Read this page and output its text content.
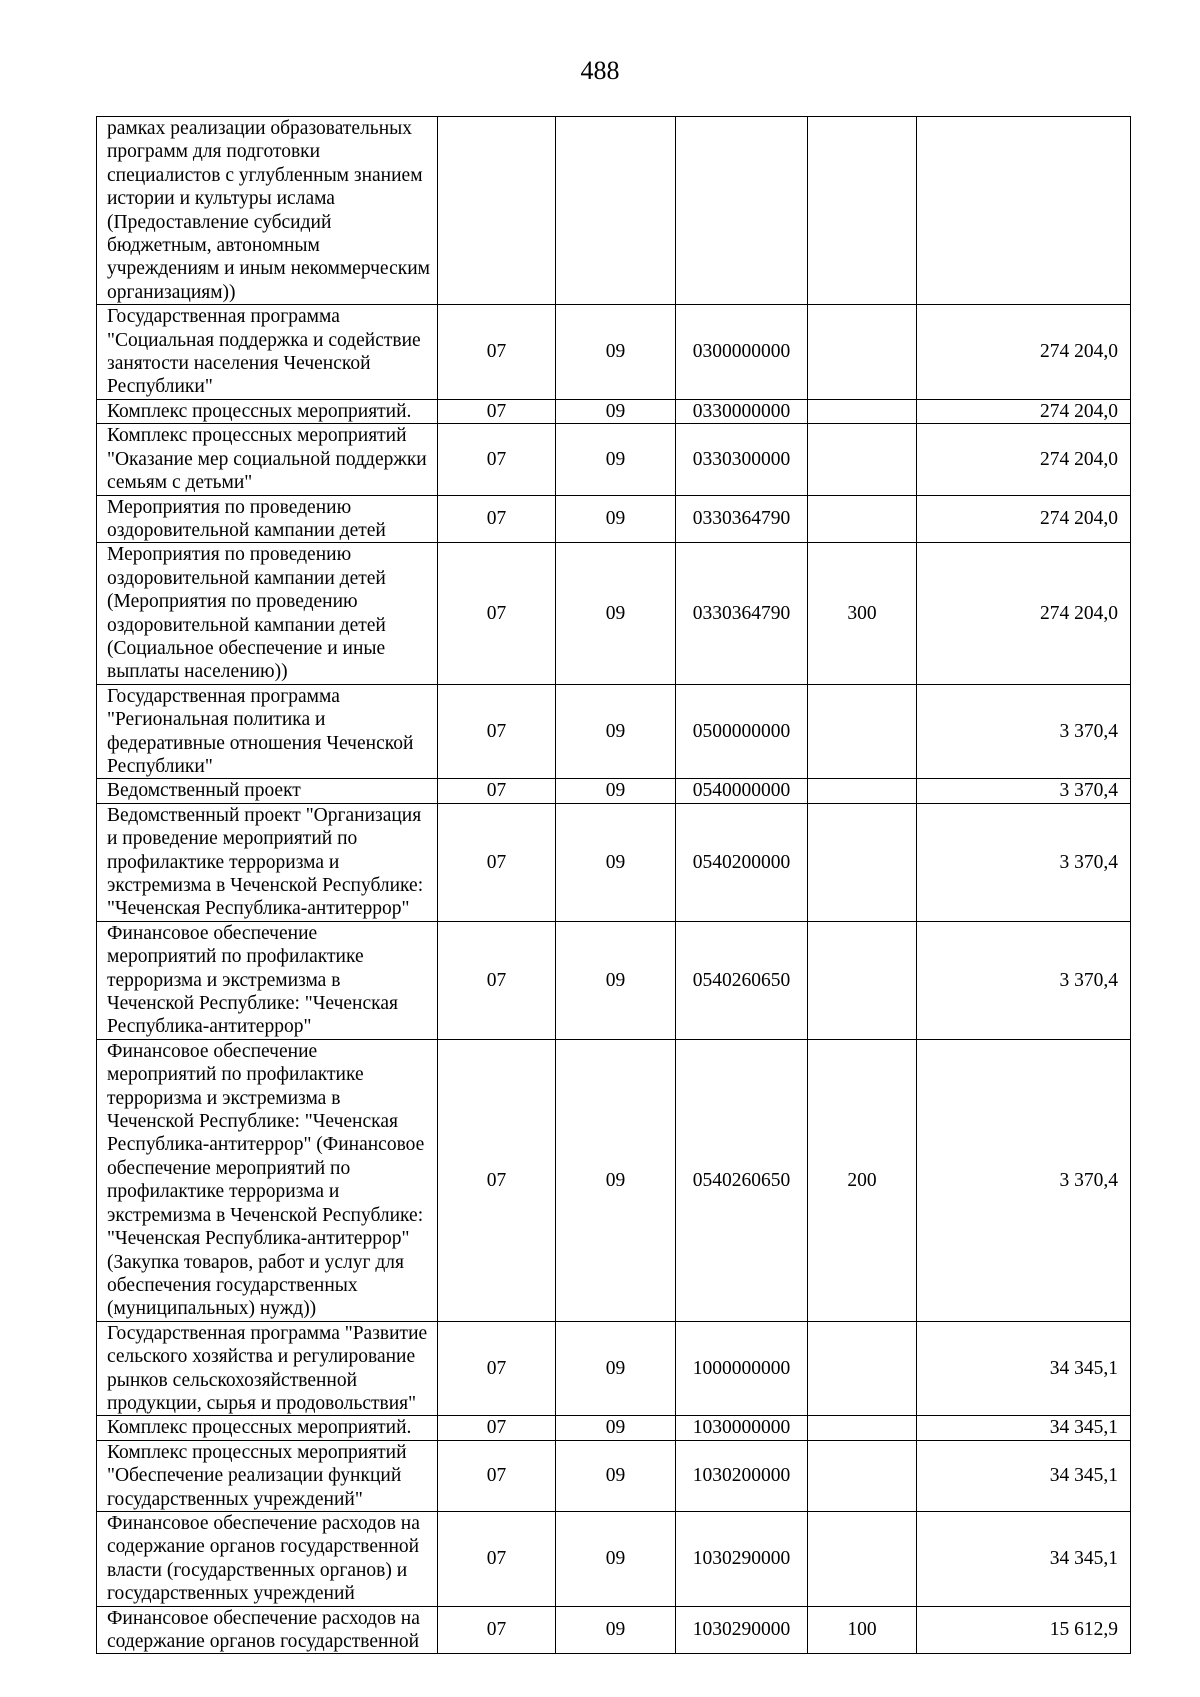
488
рамках реализации образовательных программ для подготовки специалистов с углубленным знанием истории и культуры ислама (Предоставление субсидий бюджетным, автономным учреждениям и иным некоммерческим организациям))					
Государственная программа "Социальная поддержка и содействие занятости населения Чеченской Республики"	07	09	0300000000		274 204,0
Комплекс процессных мероприятий.	07	09	0330000000		274 204,0
Комплекс процессных мероприятий "Оказание мер социальной поддержки семьям с детьми"	07	09	0330300000		274 204,0
Мероприятия по проведению оздоровительной кампании детей	07	09	0330364790		274 204,0
Мероприятия по проведению оздоровительной кампании детей (Мероприятия по проведению оздоровительной кампании детей (Социальное обеспечение и иные выплаты населению))	07	09	0330364790	300	274 204,0
Государственная программа "Региональная политика и федеративные отношения Чеченской Республики"	07	09	0500000000		3 370,4
Ведомственный проект	07	09	0540000000		3 370,4
Ведомственный проект "Организация и проведение мероприятий по профилактике терроризма и экстремизма в Чеченской Республике: "Чеченская Республика-антитеррор"	07	09	0540200000		3 370,4
Финансовое обеспечение мероприятий по профилактике терроризма и экстремизма в Чеченской Республике: "Чеченская Республика-антитеррор"	07	09	0540260650		3 370,4
Финансовое обеспечение мероприятий по профилактике терроризма и экстремизма в Чеченской Республике: "Чеченская Республика-антитеррор" (Финансовое обеспечение мероприятий по профилактике терроризма и экстремизма в Чеченской Республике: "Чеченская Республика-антитеррор" (Закупка товаров, работ и услуг для обеспечения государственных (муниципальных) нужд))	07	09	0540260650	200	3 370,4
Государственная программа "Развитие сельского хозяйства и регулирование рынков сельскохозяйственной продукции, сырья и продовольствия"	07	09	1000000000		34 345,1
Комплекс процессных мероприятий.	07	09	1030000000		34 345,1
Комплекс процессных мероприятий "Обеспечение реализации функций государственных учреждений"	07	09	1030200000		34 345,1
Финансовое обеспечение расходов на содержание органов государственной власти (государственных органов) и государственных учреждений	07	09	1030290000		34 345,1
Финансовое обеспечение расходов на содержание органов государственной	07	09	1030290000	100	15 612,9
